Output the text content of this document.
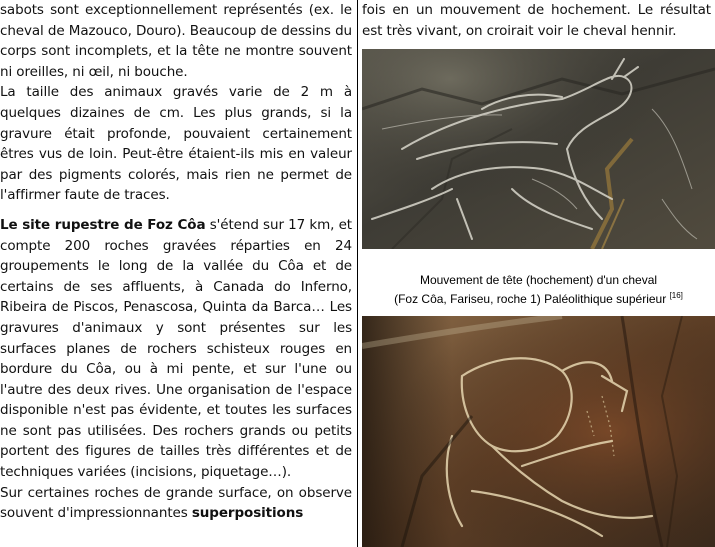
sabots sont exceptionnellement représentés (ex. le cheval de Mazouco, Douro). Beaucoup de dessins du corps sont incomplets, et la tête ne montre souvent ni oreilles, ni œil, ni bouche.

La taille des animaux gravés varie de 2 m à quelques dizaines de cm. Les plus grands, si la gravure était profonde, pouvaient certainement êtres vus de loin. Peut-être étaient-ils mis en valeur par des pigments colorés, mais rien ne permet de l'affirmer faute de traces.

Le site rupestre de Foz Côa s'étend sur 17 km, et compte 200 roches gravées réparties en 24 groupements le long de la vallée du Côa et de certains de ses affluents, à Canada do Inferno, Ribeira de Piscos, Penascosa, Quinta da Barca… Les gravures d'animaux y sont présentes sur les surfaces planes de rochers schisteux rouges en bordure du Côa, ou à mi pente, et sur l'une ou l'autre des deux rives. Une organisation de l'espace disponible n'est pas évidente, et toutes les surfaces ne sont pas utilisées. Des rochers grands ou petits portent des figures de tailles très différentes et de techniques variées (incisions, piquetage…).

Sur certaines roches de grande surface, on observe souvent d'impressionnantes superpositions

fois en un mouvement de hochement. Le résultat est très vivant, on croirait voir le cheval hennir.

Mouvement de tête (hochement) d'un cheval
(Foz Côa, Fariseu, roche 1) Paléolithique supérieur [16]
